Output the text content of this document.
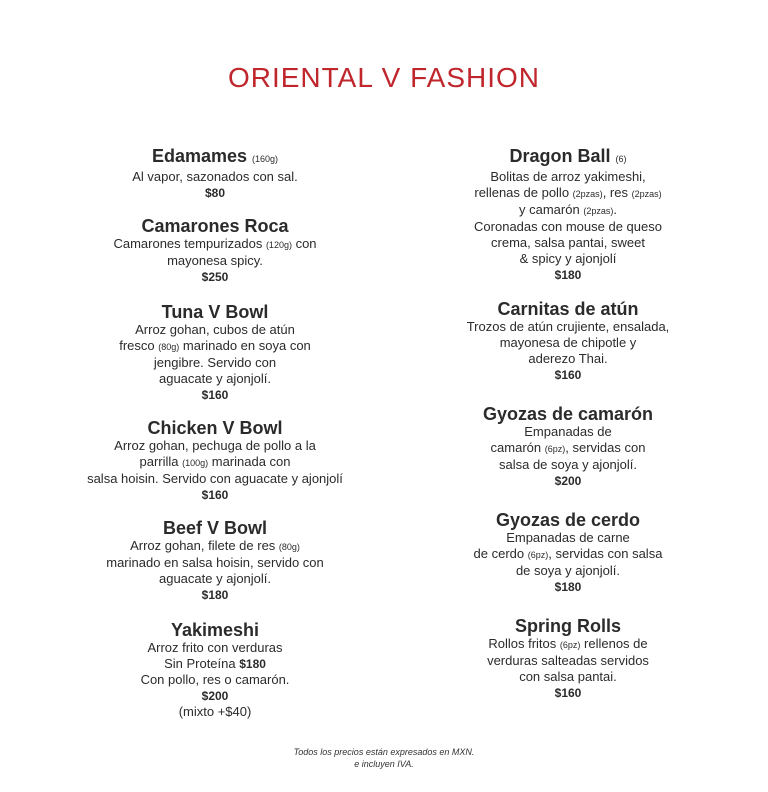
ORIENTAL V FASHION
Edamames (160g)
Al vapor, sazonados con sal.
$80
Camarones Roca
Camarones tempurizados (120g) con
mayonesa spicy.
$250
Tuna V Bowl
Arroz gohan, cubos de atún
fresco (80g) marinado en soya con
jengibre. Servido con
aguacate y ajonjolí.
$160
Chicken V Bowl
Arroz gohan, pechuga de pollo a la
parrilla (100g) marinada con
salsa hoisin. Servido con aguacate y ajonjolí
$160
Beef V Bowl
Arroz gohan, filete de res (80g)
marinado en salsa hoisin, servido con
aguacate y ajonjolí.
$180
Yakimeshi
Arroz frito con verduras
Sin Proteína $180
Con pollo, res o camarón.
$200
(mixto +$40)
Dragon Ball (6)
Bolitas de arroz yakimeshi,
rellenas de pollo (2pzas), res (2pzas)
y camarón (2pzas).
Coronadas con mouse de queso
crema, salsa pantai, sweet
& spicy y ajonjolí
$180
Carnitas de atún
Trozos de atún crujiente, ensalada,
mayonesa de chipotle y
aderezo Thai.
$160
Gyozas de camarón
Empanadas de
camarón (6pz), servidas con
salsa de soya y ajonjolí.
$200
Gyozas de cerdo
Empanadas de carne
de cerdo (6pz), servidas con salsa
de soya y ajonjolí.
$180
Spring Rolls
Rollos fritos (6pz) rellenos de
verduras salteadas servidos
con salsa pantai.
$160
Todos los precios están expresados en MXN.
e incluyen IVA.
